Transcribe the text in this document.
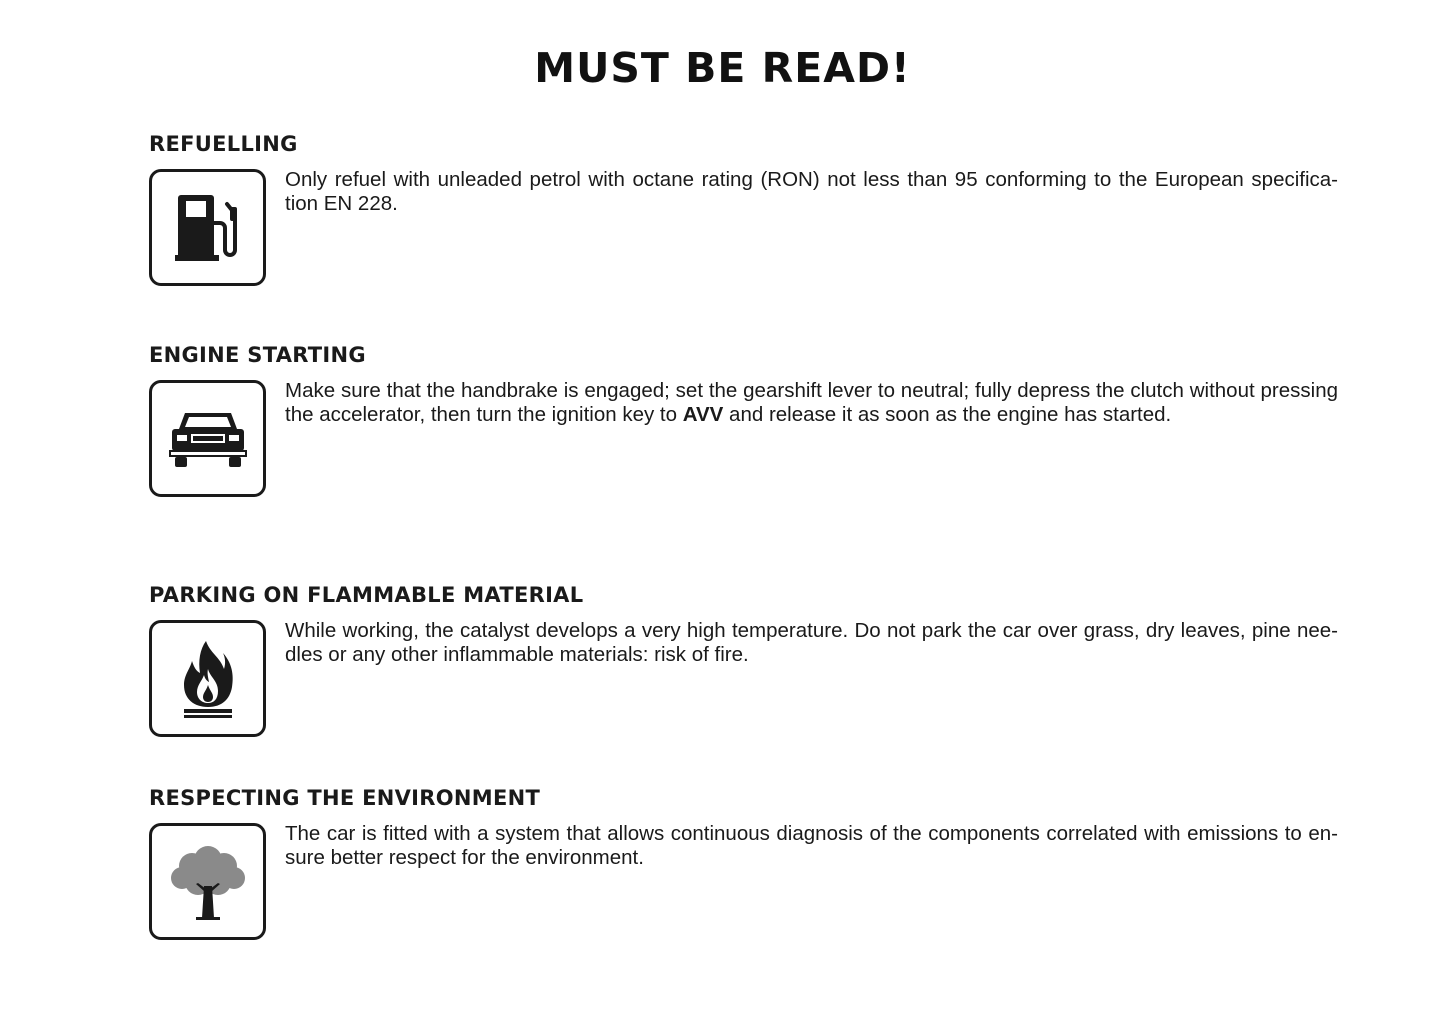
MUST BE READ!
REFUELLING

Only refuel with unleaded petrol with octane rating (RON) not less than 95 conforming to the European specifica-tion EN 228.

ENGINE STARTING

Make sure that the handbrake is engaged; set the gearshift lever to neutral; fully depress the clutch without pressing the accelerator, then turn the ignition key to AVV and release it as soon as the engine has started.

PARKING ON FLAMMABLE MATERIAL

While working, the catalyst develops a very high temperature. Do not park the car over grass, dry leaves, pine nee-dles or any other inflammable materials: risk of fire.

RESPECTING THE ENVIRONMENT

The car is fitted with a system that allows continuous diagnosis of the components correlated with emissions to en-sure better respect for the environment.
